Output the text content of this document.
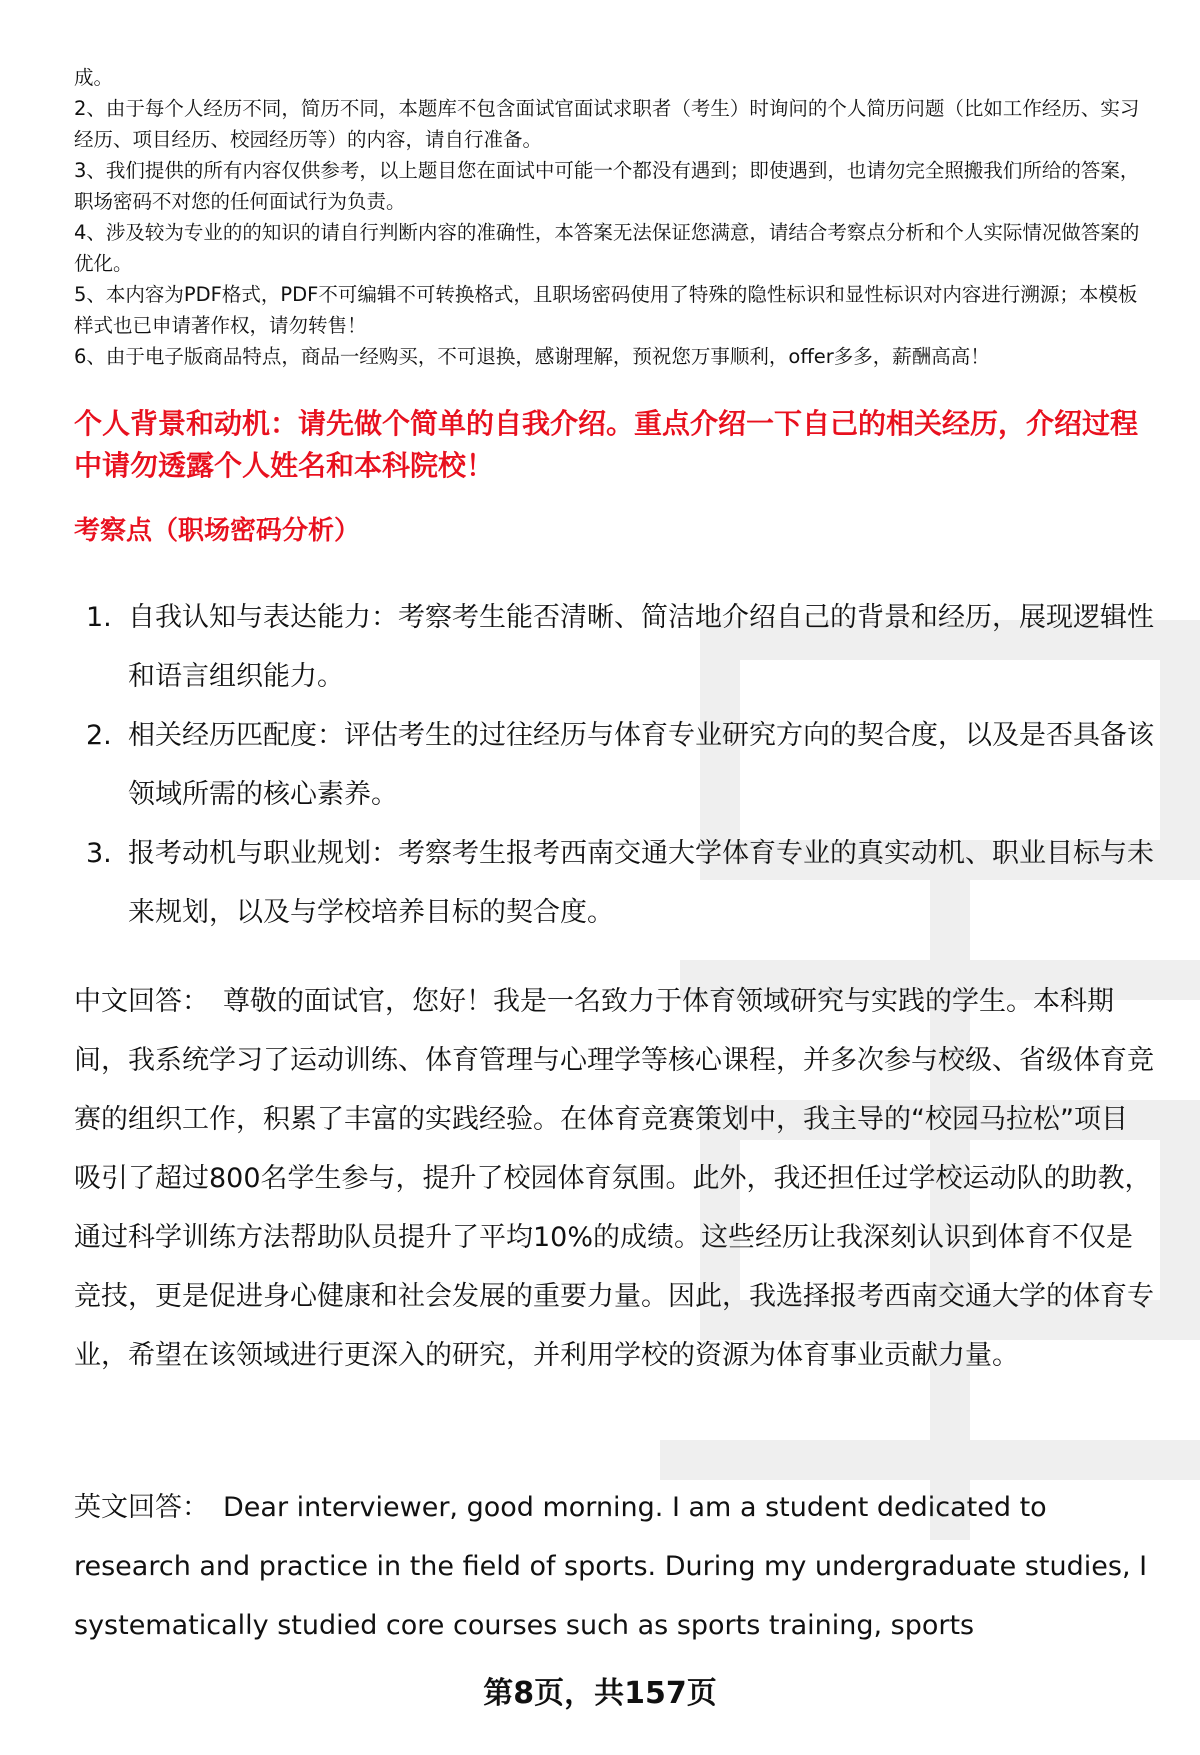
成。

2、由于每个人经历不同，简历不同，本题库不包含面试官面试求职者（考生）时询问的个人简历问题（比如工作经历、实习经历、项目经历、校园经历等）的内容，请自行准备。

3、我们提供的所有内容仅供参考，以上题目您在面试中可能一个都没有遇到；即使遇到，也请勿完全照搬我们所给的答案，职场密码不对您的任何面试行为负责。

4、涉及较为专业的的知识的请自行判断内容的准确性，本答案无法保证您满意，请结合考察点分析和个人实际情况做答案的优化。

5、本内容为PDF格式，PDF不可编辑不可转换格式，且职场密码使用了特殊的隐性标识和显性标识对内容进行溯源；本模板样式也已申请著作权，请勿转售！

6、由于电子版商品特点，商品一经购买，不可退换，感谢理解，预祝您万事顺利，offer多多，薪酬高高！

个人背景和动机：请先做个简单的自我介绍。重点介绍一下自己的相关经历，介绍过程中请勿透露个人姓名和本科院校！
考察点（职场密码分析）
1. 自我认知与表达能力：考察考生能否清晰、简洁地介绍自己的背景和经历，展现逻辑性和语言组织能力。
2. 相关经历匹配度：评估考生的过往经历与体育专业研究方向的契合度，以及是否具备该领域所需的核心素养。
3. 报考动机与职业规划：考察考生报考西南交通大学体育专业的真实动机、职业目标与未来规划，以及与学校培养目标的契合度。

中文回答： 尊敬的面试官，您好！我是一名致力于体育领域研究与实践的学生。本科期间，我系统学习了运动训练、体育管理与心理学等核心课程，并多次参与校级、省级体育竞赛的组织工作，积累了丰富的实践经验。在体育竞赛策划中，我主导的“校园马拉松”项目吸引了超过800名学生参与，提升了校园体育氛围。此外，我还担任过学校运动队的助教，通过科学训练方法帮助队员提升了平均10%的成绩。这些经历让我深刻认识到体育不仅是竞技，更是促进身心健康和社会发展的重要力量。因此，我选择报考西南交通大学的体育专业，希望在该领域进行更深入的研究，并利用学校的资源为体育事业贡献力量。

英文回答： Dear interviewer, good morning. I am a student dedicated to research and practice in the field of sports. During my undergraduate studies, I systematically studied core courses such as sports training, sports

第8页，共157页
